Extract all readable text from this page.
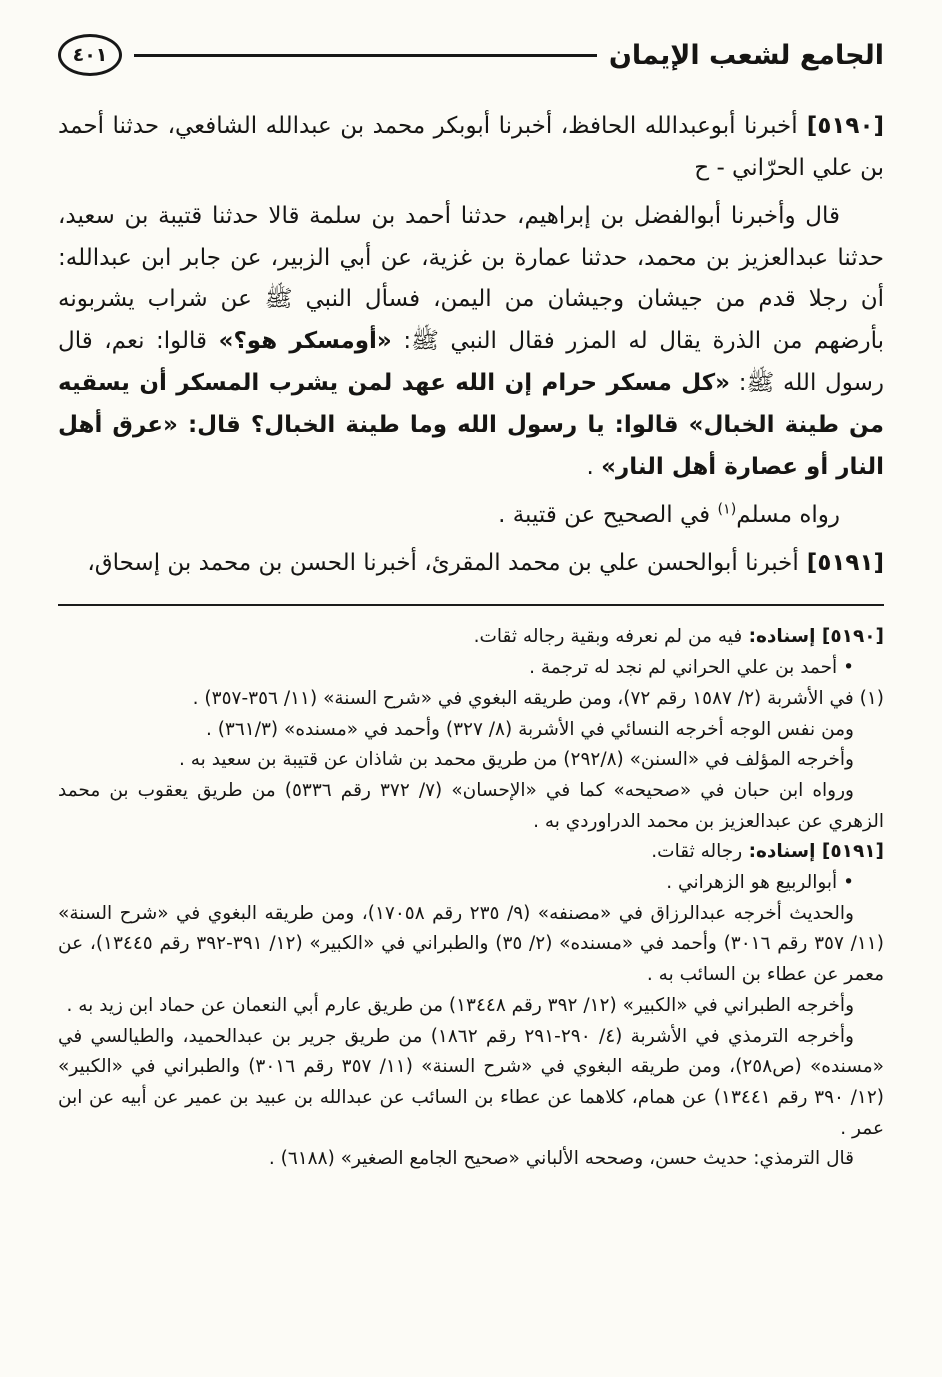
الجامع لشعب الإيمان
٤٠١

[٥١٩٠] أخبرنا أبوعبدالله الحافظ، أخبرنا أبوبكر محمد بن عبدالله الشافعي، حدثنا أحمد بن علي الحرّاني - ح

قال وأخبرنا أبوالفضل بن إبراهيم، حدثنا أحمد بن سلمة قالا حدثنا قتيبة بن سعيد، حدثنا عبدالعزيز بن محمد، حدثنا عمارة بن غزية، عن أبي الزبير، عن جابر ابن عبدالله: أن رجلا قدم من جيشان وجيشان من اليمن، فسأل النبي ﷺ عن شراب يشربونه بأرضهم من الذرة يقال له المزر فقال النبي ﷺ: «أومسكر هو؟» قالوا: نعم، قال رسول الله ﷺ: «كل مسكر حرام إن الله عهد لمن يشرب المسكر أن يسقيه من طينة الخبال» قالوا: يا رسول الله وما طينة الخبال؟ قال: «عرق أهل النار أو عصارة أهل النار» .

رواه مسلم$^{(١)}$ في الصحيح عن قتيبة .

[٥١٩١] أخبرنا أبوالحسن علي بن محمد المقرئ، أخبرنا الحسن بن محمد بن إسحاق،

[٥١٩٠] إسناده: فيه من لم نعرفه وبقية رجاله ثقات.

• أحمد بن علي الحراني لم نجد له ترجمة .

(١) في الأشربة (٢/ ١٥٨٧ رقم ٧٢)، ومن طريقه البغوي في «شرح السنة» (١١/ ٣٥٦-٣٥٧) .

ومن نفس الوجه أخرجه النسائي في الأشربة (٨/ ٣٢٧) وأحمد في «مسنده» (٣٦١/٣) .

وأخرجه المؤلف في «السنن» (٢٩٢/٨) من طريق محمد بن شاذان عن قتيبة بن سعيد به .

ورواه ابن حبان في «صحيحه» كما في «الإحسان» (٧/ ٣٧٢ رقم ٥٣٣٦) من طريق يعقوب بن محمد الزهري عن عبدالعزيز بن محمد الدراوردي به .

[٥١٩١] إسناده: رجاله ثقات.

• أبوالربيع هو الزهراني .

والحديث أخرجه عبدالرزاق في «مصنفه» (٩/ ٢٣٥ رقم ١٧٠٥٨)، ومن طريقه البغوي في «شرح السنة» (١١/ ٣٥٧ رقم ٣٠١٦) وأحمد في «مسنده» (٢/ ٣٥) والطبراني في «الكبير» (١٢/ ٣٩١-٣٩٢ رقم ١٣٤٤٥)، عن معمر عن عطاء بن السائب به .

وأخرجه الطبراني في «الكبير» (١٢/ ٣٩٢ رقم ١٣٤٤٨) من طريق عارم أبي النعمان عن حماد ابن زيد به .

وأخرجه الترمذي في الأشربة (٤/ ٢٩٠-٢٩١ رقم ١٨٦٢) من طريق جرير بن عبدالحميد، والطيالسي في «مسنده» (ص٢٥٨)، ومن طريقه البغوي في «شرح السنة» (١١/ ٣٥٧ رقم ٣٠١٦) والطبراني في «الكبير» (١٢/ ٣٩٠ رقم ١٣٤٤١) عن همام، كلاهما عن عطاء بن السائب عن عبدالله بن عبيد بن عمير عن أبيه عن ابن عمر .

قال الترمذي: حديث حسن، وصححه الألباني «صحيح الجامع الصغير» (٦١٨٨) .
